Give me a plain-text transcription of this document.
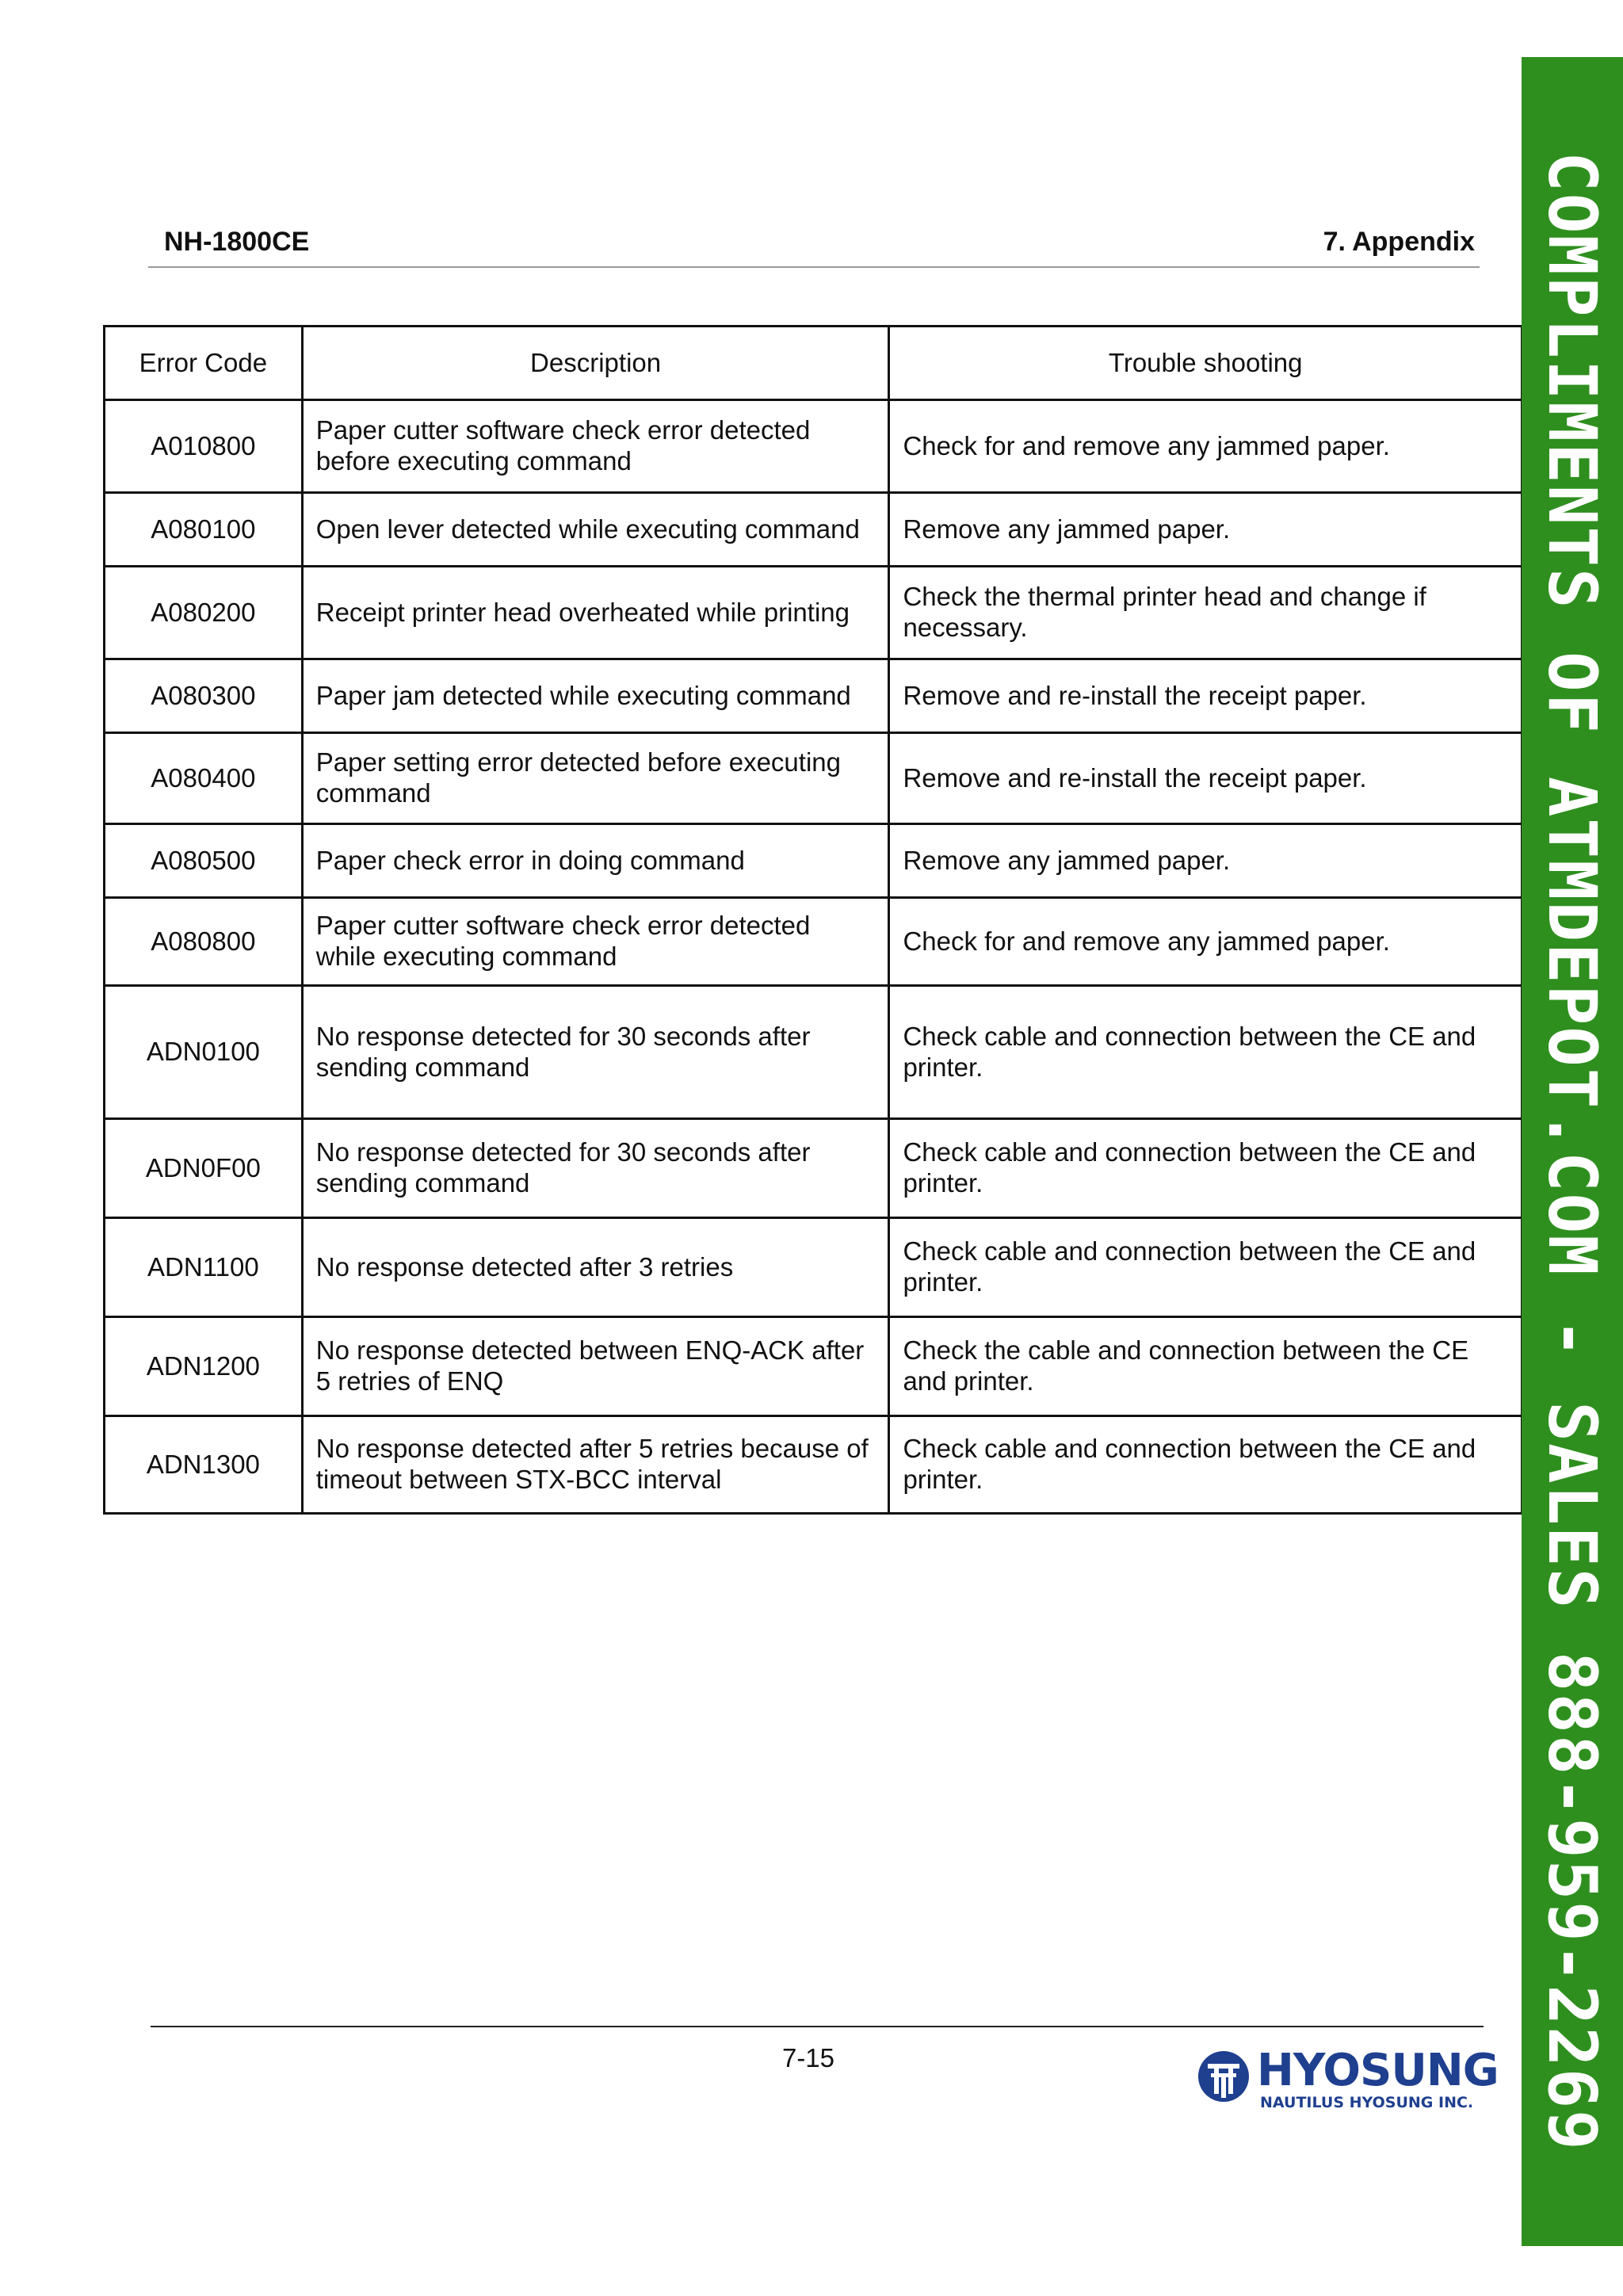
NH-1800CE	7. Appendix
Error Code	Description	Trouble shooting
A010800	Paper cutter software check error detected before executing command	Check for and remove any jammed paper.
A080100	Open lever detected while executing command	Remove any jammed paper.
A080200	Receipt printer head overheated while printing	Check the thermal printer head and change if necessary.
A080300	Paper jam detected while executing command	Remove and re-install the receipt paper.
A080400	Paper setting error detected before executing command	Remove and re-install the receipt paper.
A080500	Paper check error in doing command	Remove any jammed paper.
A080800	Paper cutter software check error detected while executing command	Check for and remove any jammed paper.
ADN0100	No response detected for 30 seconds after sending command	Check cable and connection between the CE and printer.
ADN0F00	No response detected for 30 seconds after sending command	Check cable and connection between the CE and printer.
ADN1100	No response detected after 3 retries	Check cable and connection between the CE and printer.
ADN1200	No response detected between ENQ-ACK after 5 retries of ENQ	Check the cable and connection between the CE and printer.
ADN1300	No response detected after 5 retries because of timeout between STX-BCC interval	Check cable and connection between the CE and printer.	COMPLIMENTS OF ATMDEPOT.COM - SALES 888-959-2269
7-15	HYOSUNG
NAUTILUS HYOSUNG INC.
